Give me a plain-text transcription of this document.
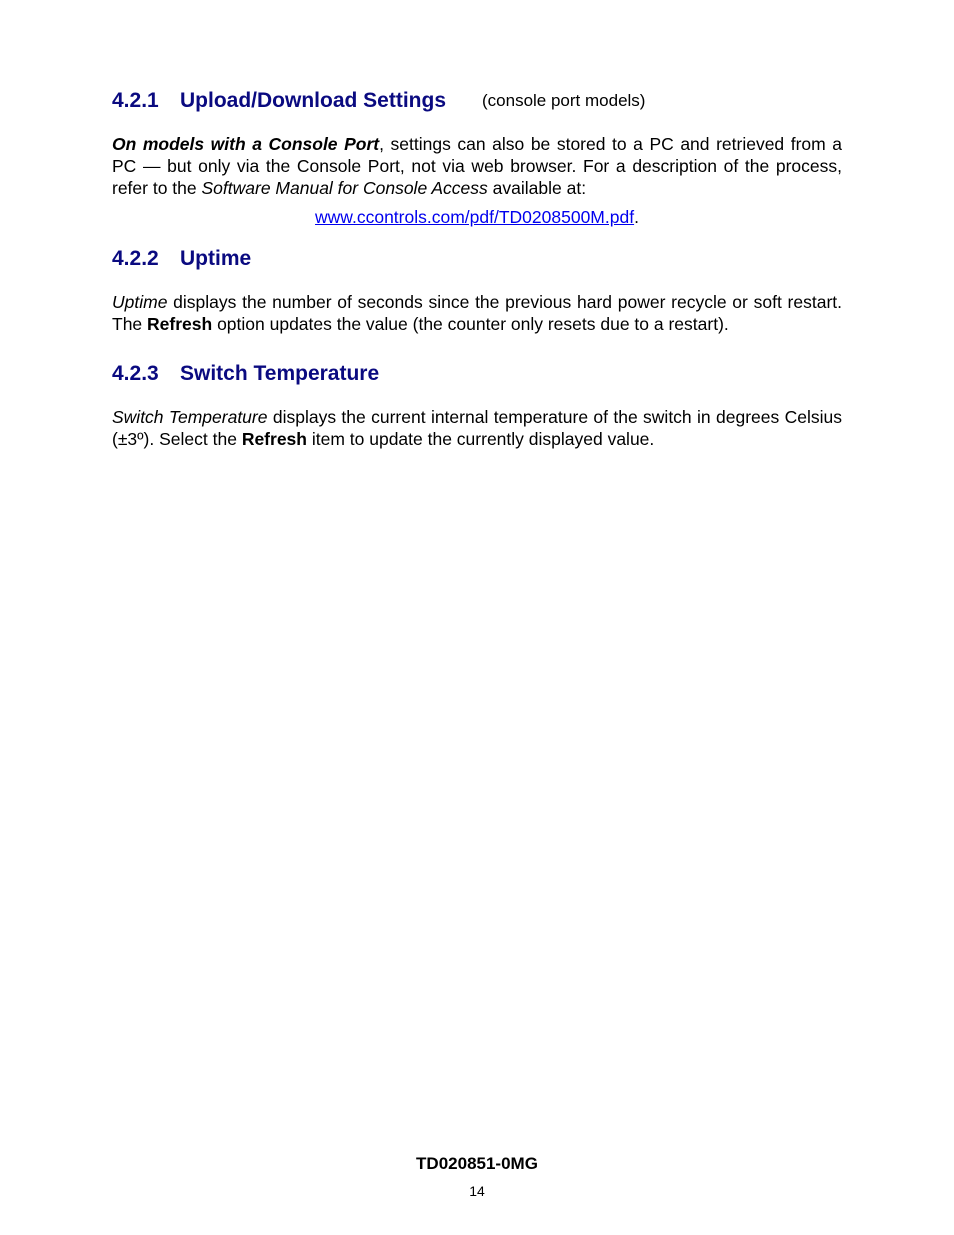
4.2.1 Upload/Download Settings (console port models)

On models with a Console Port, settings can also be stored to a PC and retrieved from a PC — but only via the Console Port, not via web browser. For a description of the process, refer to the Software Manual for Console Access available at:

www.ccontrols.com/pdf/TD0208500M.pdf.
4.2.2 Uptime

Uptime displays the number of seconds since the previous hard power recycle or soft restart. The Refresh option updates the value (the counter only resets due to a restart).

4.2.3 Switch Temperature

Switch Temperature displays the current internal temperature of the switch in degrees Celsius (±3º). Select the Refresh item to update the currently displayed value.

TD020851-0MG
14
